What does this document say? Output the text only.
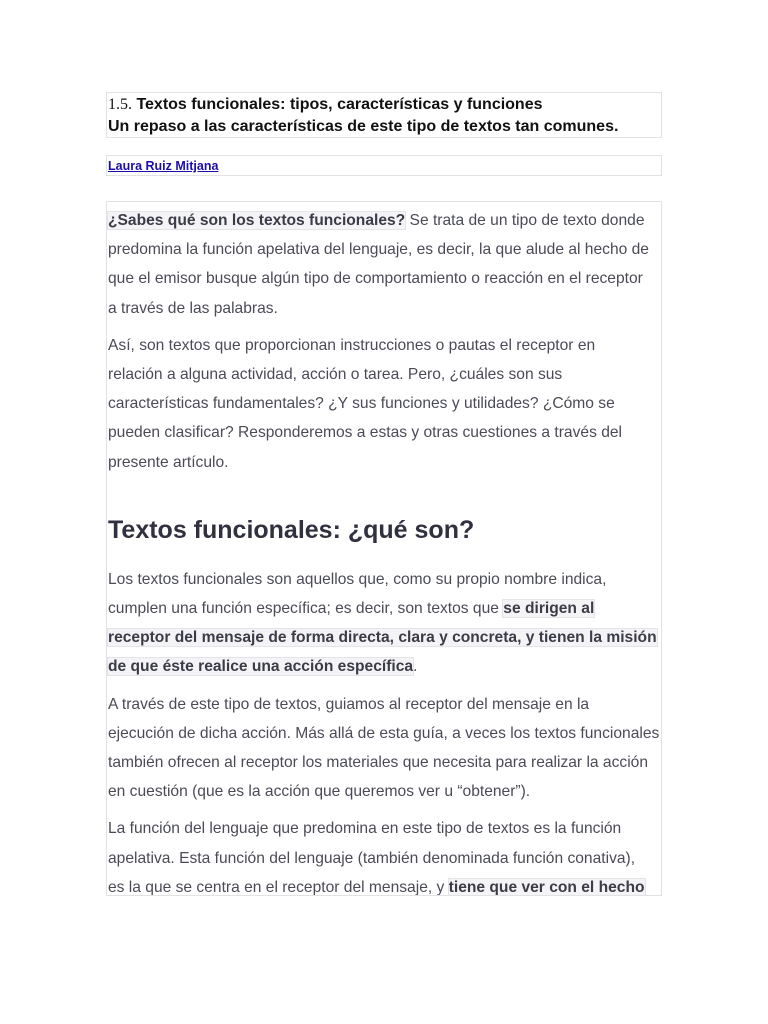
1.5. Textos funcionales: tipos, características y funciones
Un repaso a las características de este tipo de textos tan comunes.
Laura Ruiz Mitjana

¿Sabes qué son los textos funcionales? Se trata de un tipo de texto donde
predomina la función apelativa del lenguaje, es decir, la que alude al hecho de
que el emisor busque algún tipo de comportamiento o reacción en el receptor
a través de las palabras.

Así, son textos que proporcionan instrucciones o pautas el receptor en
relación a alguna actividad, acción o tarea. Pero, ¿cuáles son sus
características fundamentales? ¿Y sus funciones y utilidades? ¿Cómo se
pueden clasificar? Responderemos a estas y otras cuestiones a través del
presente artículo.

Textos funcionales: ¿qué son?

Los textos funcionales son aquellos que, como su propio nombre indica,
cumplen una función específica; es decir, son textos que se dirigen al
receptor del mensaje de forma directa, clara y concreta, y tienen la misión
de que éste realice una acción específica.

A través de este tipo de textos, guiamos al receptor del mensaje en la
ejecución de dicha acción. Más allá de esta guía, a veces los textos funcionales
también ofrecen al receptor los materiales que necesita para realizar la acción
en cuestión (que es la acción que queremos ver u “obtener”).

La función del lenguaje que predomina en este tipo de textos es la función
apelativa. Esta función del lenguaje (también denominada función conativa),
es la que se centra en el receptor del mensaje, y tiene que ver con el hecho
